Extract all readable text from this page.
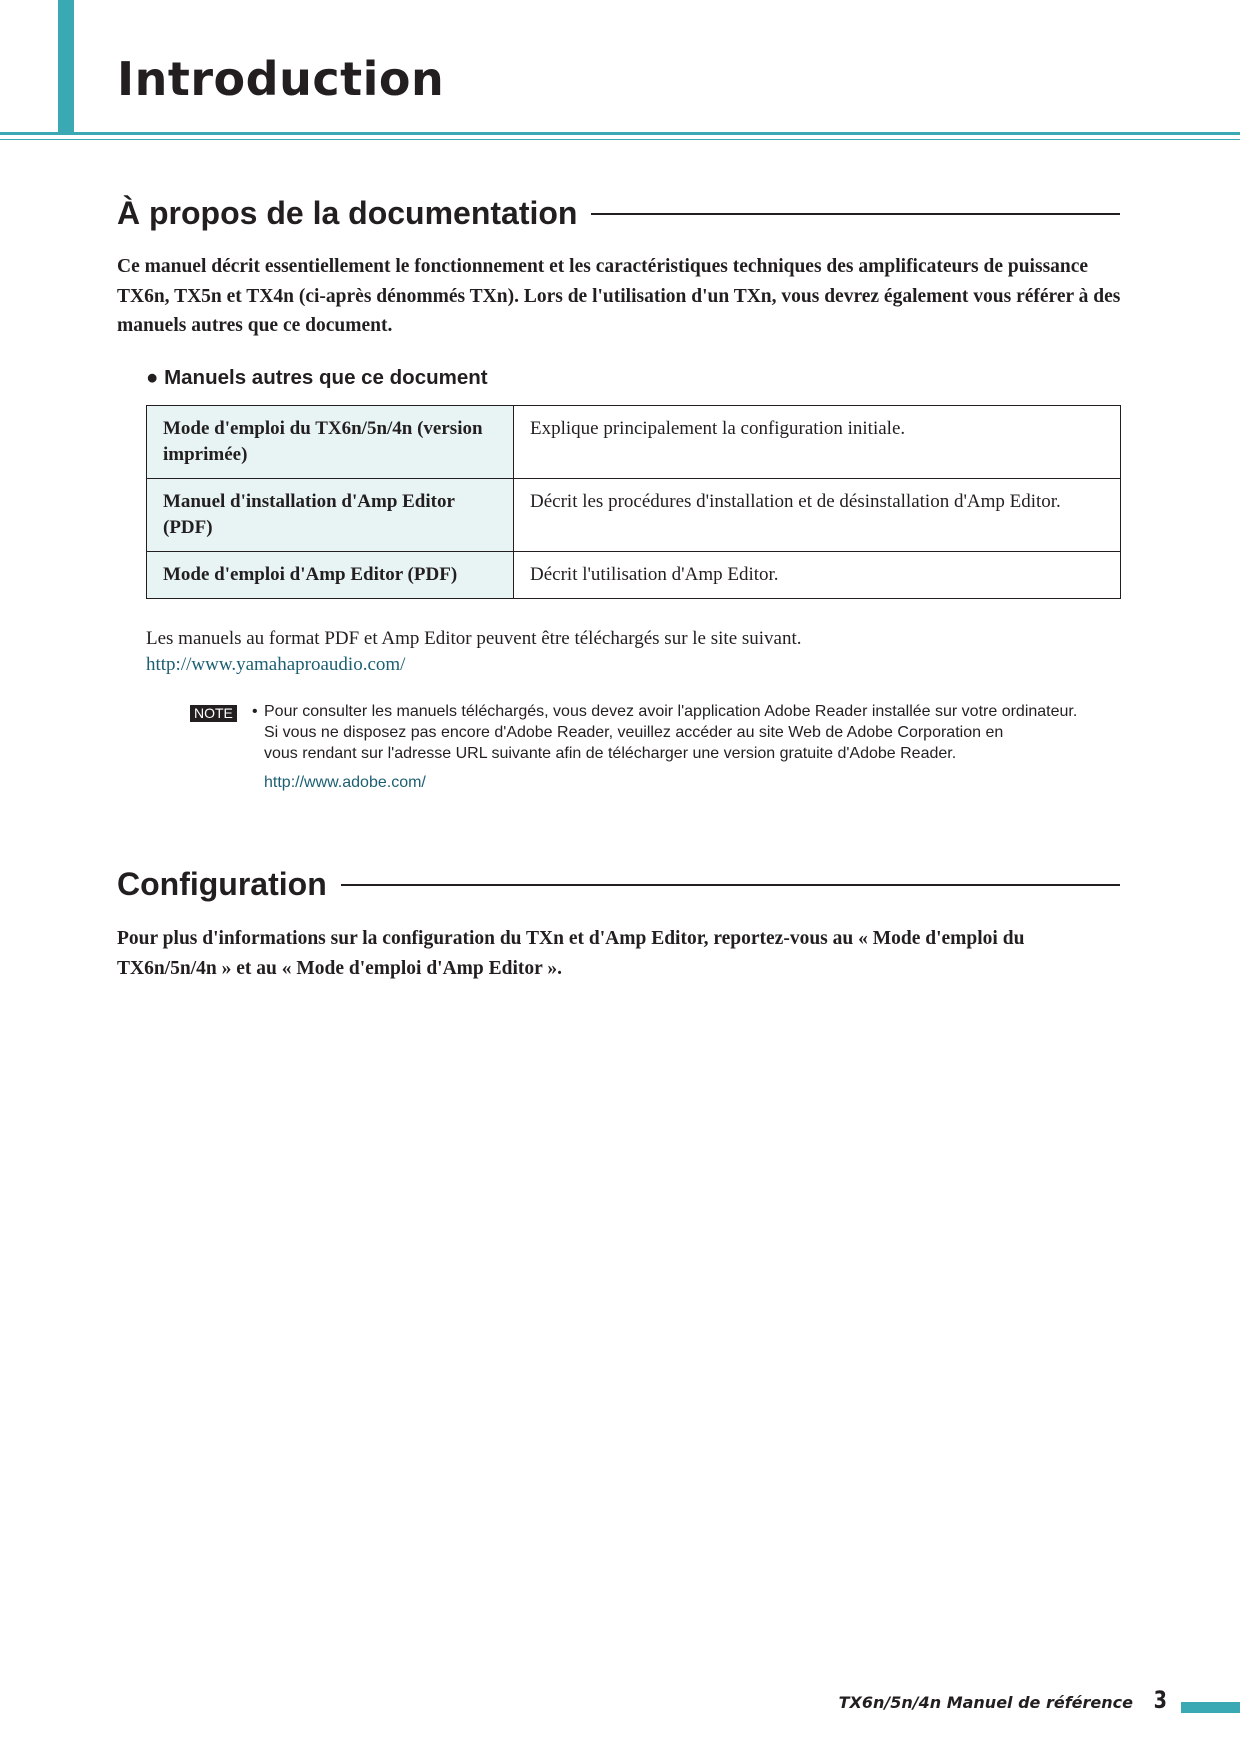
Introduction
À propos de la documentation

Ce manuel décrit essentiellement le fonctionnement et les caractéristiques techniques des amplificateurs de puissance TX6n, TX5n et TX4n (ci-après dénommés TXn). Lors de l'utilisation d'un TXn, vous devrez également vous référer à des manuels autres que ce document.

● Manuels autres que ce document
Mode d'emploi du TX6n/5n/4n (version imprimée)	Explique principalement la configuration initiale.
Manuel d'installation d'Amp Editor (PDF)	Décrit les procédures d'installation et de désinstallation d'Amp Editor.
Mode d'emploi d'Amp Editor (PDF)	Décrit l'utilisation d'Amp Editor.

Les manuels au format PDF et Amp Editor peuvent être téléchargés sur le site suivant.

http://www.yamahaproaudio.com/

NOTE • Pour consulter les manuels téléchargés, vous devez avoir l'application Adobe Reader installée sur votre ordinateur.
Si vous ne disposez pas encore d'Adobe Reader, veuillez accéder au site Web de Adobe Corporation en
vous rendant sur l'adresse URL suivante afin de télécharger une version gratuite d'Adobe Reader.

http://www.adobe.com/

Configuration

Pour plus d'informations sur la configuration du TXn et d'Amp Editor, reportez-vous au « Mode d'emploi du TX6n/5n/4n » et au « Mode d'emploi d'Amp Editor ».

TX6n/5n/4n Manuel de référence 3
